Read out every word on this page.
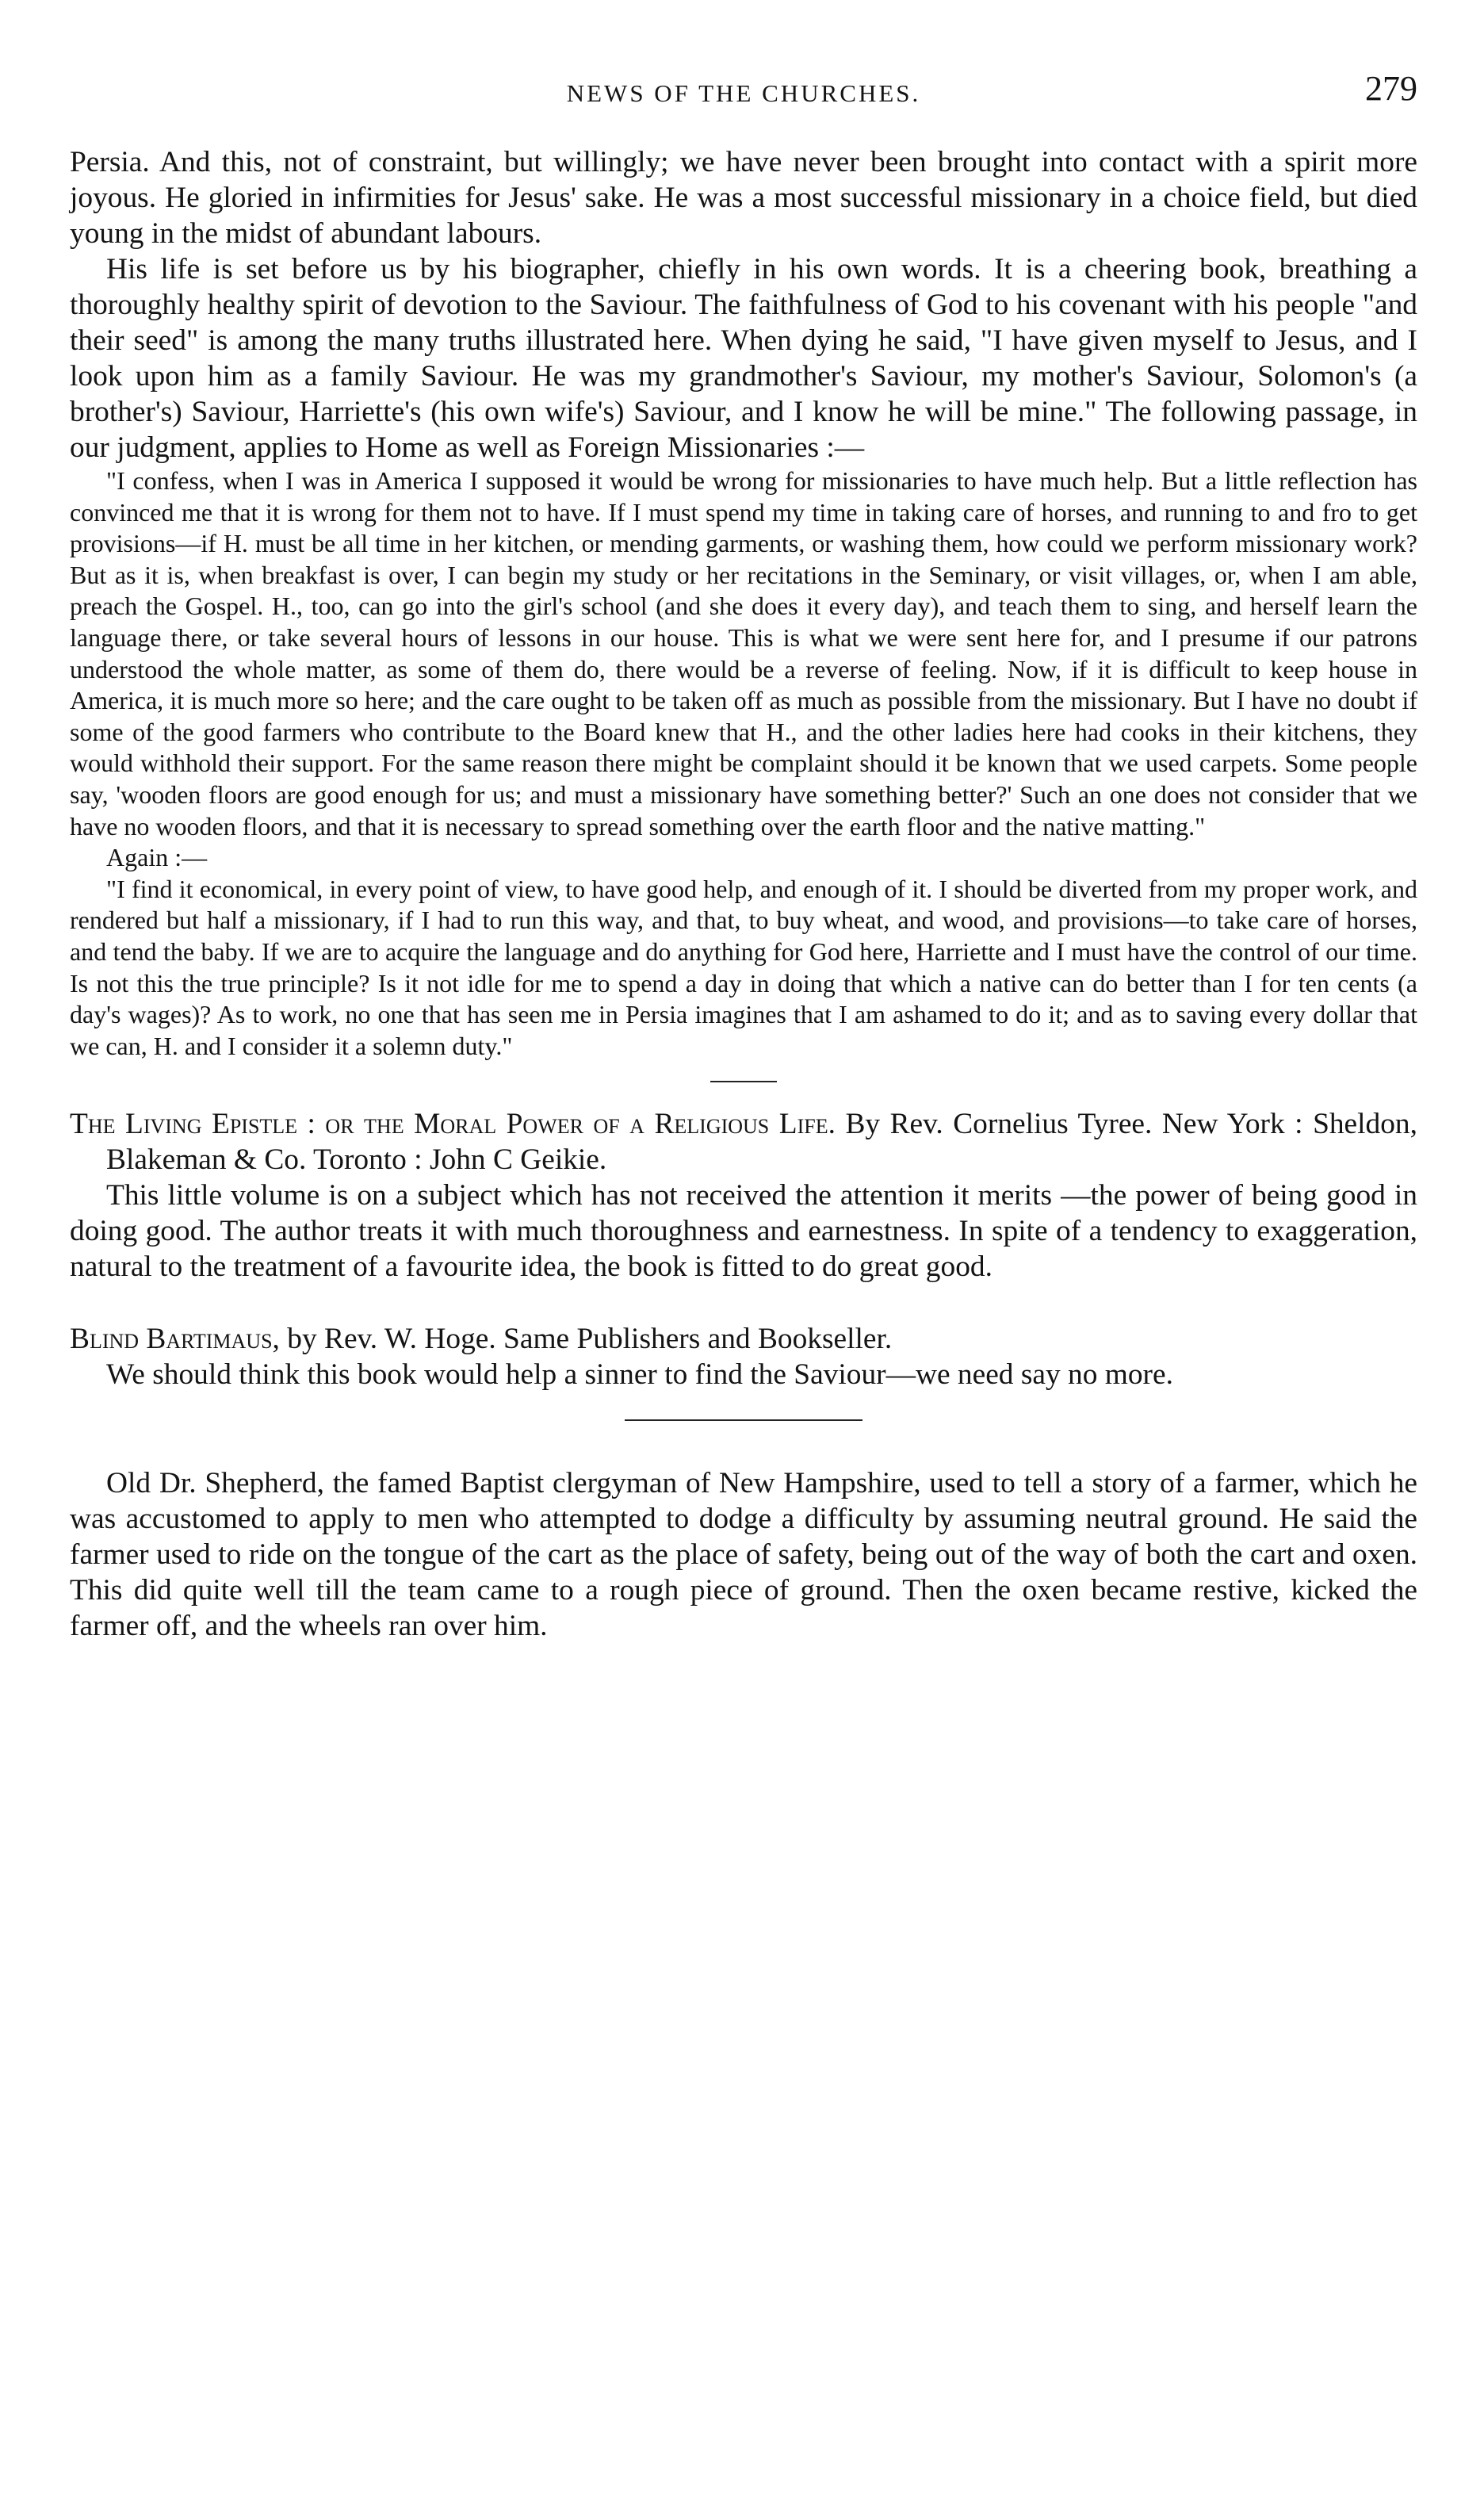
NEWS OF THE CHURCHES.	279

Persia. And this, not of constraint, but willingly; we have never been brought into contact with a spirit more joyous. He gloried in infirmities for Jesus' sake. He was a most successful missionary in a choice field, but died young in the midst of abundant labours.

His life is set before us by his biographer, chiefly in his own words. It is a cheering book, breathing a thoroughly healthy spirit of devotion to the Saviour. The faithfulness of God to his covenant with his people "and their seed" is among the many truths illustrated here. When dying he said, "I have given myself to Jesus, and I look upon him as a family Saviour. He was my grandmother's Saviour, my mother's Saviour, Solomon's (a brother's) Saviour, Harriette's (his own wife's) Saviour, and I know he will be mine." The following passage, in our judgment, applies to Home as well as Foreign Missionaries :—

"I confess, when I was in America I supposed it would be wrong for missionaries to have much help. But a little reflection has convinced me that it is wrong for them not to have. If I must spend my time in taking care of horses, and running to and fro to get provisions—if H. must be all time in her kitchen, or mending garments, or washing them, how could we perform missionary work? But as it is, when breakfast is over, I can begin my study or her recitations in the Seminary, or visit villages, or, when I am able, preach the Gospel. H., too, can go into the girl's school (and she does it every day), and teach them to sing, and herself learn the language there, or take several hours of lessons in our house. This is what we were sent here for, and I presume if our patrons understood the whole matter, as some of them do, there would be a reverse of feeling. Now, if it is difficult to keep house in America, it is much more so here; and the care ought to be taken off as much as possible from the missionary. But I have no doubt if some of the good farmers who contribute to the Board knew that H., and the other ladies here had cooks in their kitchens, they would withhold their support. For the same reason there might be complaint should it be known that we used carpets. Some people say, 'wooden floors are good enough for us; and must a missionary have something better?' Such an one does not consider that we have no wooden floors, and that it is necessary to spread something over the earth floor and the native matting."

Again :—

"I find it economical, in every point of view, to have good help, and enough of it. I should be diverted from my proper work, and rendered but half a missionary, if I had to run this way, and that, to buy wheat, and wood, and provisions—to take care of horses, and tend the baby. If we are to acquire the language and do anything for God here, Harriette and I must have the control of our time. Is not this the true principle? Is it not idle for me to spend a day in doing that which a native can do better than I for ten cents (a day's wages)? As to work, no one that has seen me in Persia imagines that I am ashamed to do it; and as to saving every dollar that we can, H. and I consider it a solemn duty."

The Living Epistle : or the Moral Power of a Religious Life. By Rev. Cornelius Tyree. New York : Sheldon, Blakeman & Co. Toronto : John C Geikie.

This little volume is on a subject which has not received the attention it merits —the power of being good in doing good. The author treats it with much thoroughness and earnestness. In spite of a tendency to exaggeration, natural to the treatment of a favourite idea, the book is fitted to do great good.

Blind Bartimaus, by Rev. W. Hoge. Same Publishers and Bookseller.

We should think this book would help a sinner to find the Saviour—we need say no more.

Old Dr. Shepherd, the famed Baptist clergyman of New Hampshire, used to tell a story of a farmer, which he was accustomed to apply to men who attempted to dodge a difficulty by assuming neutral ground. He said the farmer used to ride on the tongue of the cart as the place of safety, being out of the way of both the cart and oxen. This did quite well till the team came to a rough piece of ground. Then the oxen became restive, kicked the farmer off, and the wheels ran over him.
